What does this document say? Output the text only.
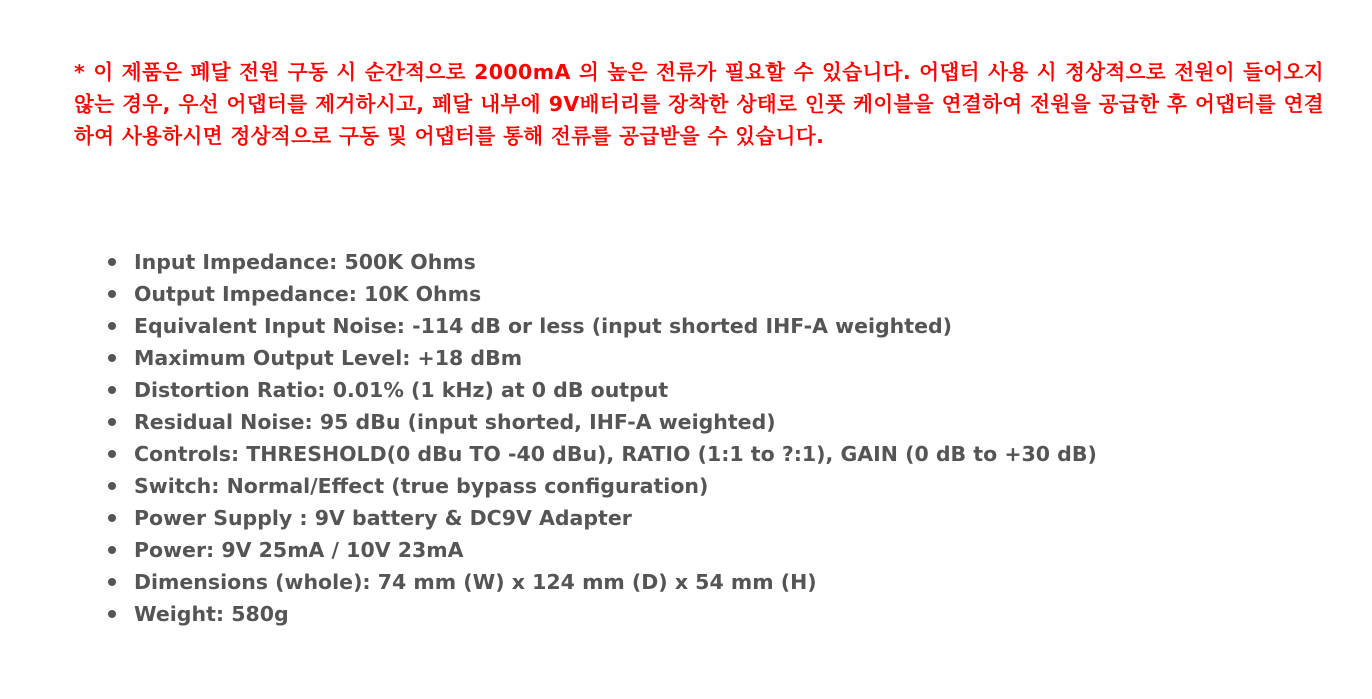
* 이 제품은 페달 전원 구동 시 순간적으로 2000mA 의 높은 전류가 필요할 수 있습니다. 어댑터 사용 시 정상적으로 전원이 들어오지 않는 경우, 우선 어댑터를 제거하시고, 페달 내부에 9V배터리를 장착한 상태로 인풋 케이블을 연결하여 전원을 공급한 후 어댑터를 연결하여 사용하시면 정상적으로 구동 및 어댑터를 통해 전류를 공급받을 수 있습니다.

Input Impedance: 500K Ohms
Output Impedance: 10K Ohms
Equivalent Input Noise: -114 dB or less (input shorted IHF-A weighted)
Maximum Output Level: +18 dBm
Distortion Ratio: 0.01% (1 kHz) at 0 dB output
Residual Noise: 95 dBu (input shorted, IHF-A weighted)
Controls: THRESHOLD(0 dBu TO -40 dBu), RATIO (1:1 to ?:1), GAIN (0 dB to +30 dB)
Switch: Normal/Effect (true bypass configuration)
Power Supply : 9V battery & DC9V Adapter
Power: 9V 25mA / 10V 23mA
Dimensions (whole): 74 mm (W) x 124 mm (D) x 54 mm (H)
Weight: 580g
